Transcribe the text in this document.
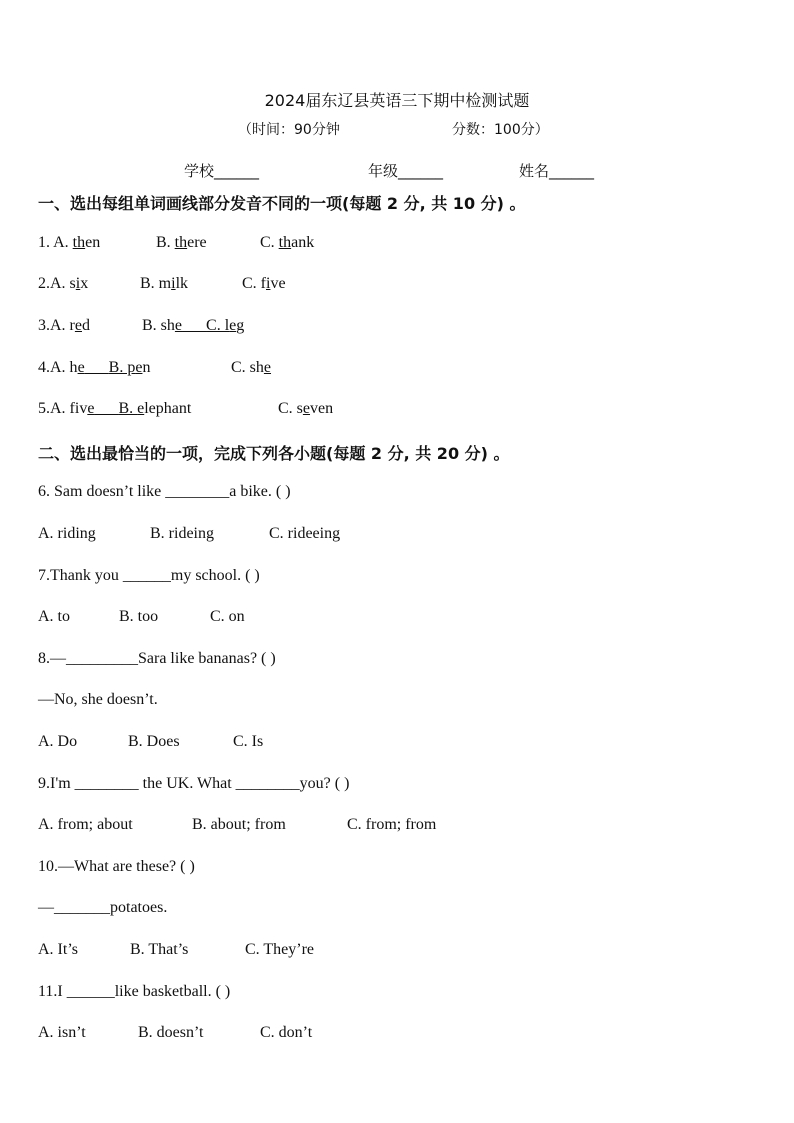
2024届东辽县英语三下期中检测试题
（时间：90分钟	分数：100分）
学校______	年级______	姓名______
一、选出每组单词画线部分发音不同的一项(每题 2 分, 共 10 分) 。
1. A. then	B. there	C. thank
2.A. six	B. milk	C. five
3.A. red	B. she C. leg
4.A. he B. pen	C. she
5.A. five B. elephant	C. seven
二、选出最恰当的一项，完成下列各小题(每题 2 分, 共 20 分) 。
6. Sam doesn’t like ________a bike. ( )
A. riding	B. rideing	C. rideeing
7.Thank you ______my school. ( )
A. to	B. too	C. on
8.—_________Sara like bananas? ( )
—No, she doesn’t.
A. Do	B. Does	C. Is
9.I'm ________ the UK. What ________you? ( )
A. from; about	B. about; from	C. from; from
10.—What are these? ( )
—_______potatoes.
A. It’s	B. That’s	C. They’re
11.I ______like basketball. ( )
A. isn’t	B. doesn’t	C. don’t
